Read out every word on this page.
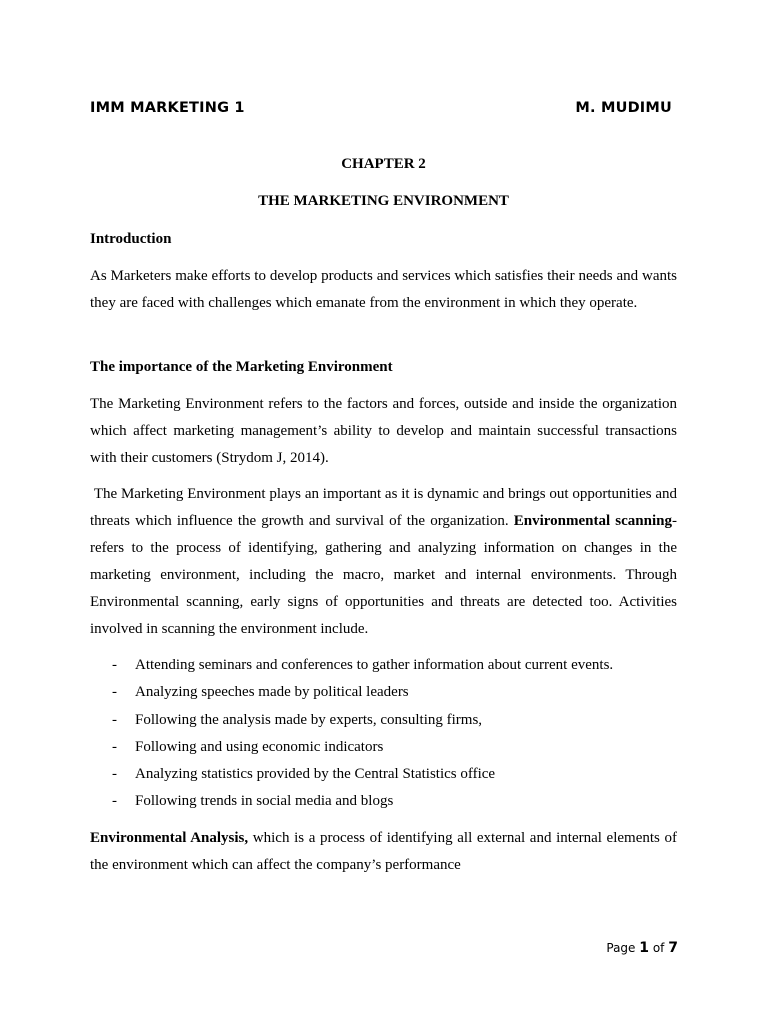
IMM MARKETING 1	M. MUDIMU
CHAPTER 2
THE MARKETING ENVIRONMENT
Introduction
As Marketers make efforts to develop products and services which satisfies their needs and wants they are faced with challenges which emanate from the environment in which they operate.
The importance of the Marketing Environment
The Marketing Environment refers to the factors and forces, outside and inside the organization which affect marketing management’s ability to develop and maintain successful transactions with their customers (Strydom J, 2014).
The Marketing Environment plays an important as it is dynamic and brings out opportunities and threats which influence the growth and survival of the organization. Environmental scanning-refers to the process of identifying, gathering and analyzing information on changes in the marketing environment, including the macro, market and internal environments. Through Environmental scanning, early signs of opportunities and threats are detected too. Activities involved in scanning the environment include.
- Attending seminars and conferences to gather information about current events.
- Analyzing speeches made by political leaders
- Following the analysis made by experts, consulting firms,
- Following and using economic indicators
- Analyzing statistics provided by the Central Statistics office
- Following trends in social media and blogs
Environmental Analysis, which is a process of identifying all external and internal elements of the environment which can affect the company’s performance
Page 1 of 7
